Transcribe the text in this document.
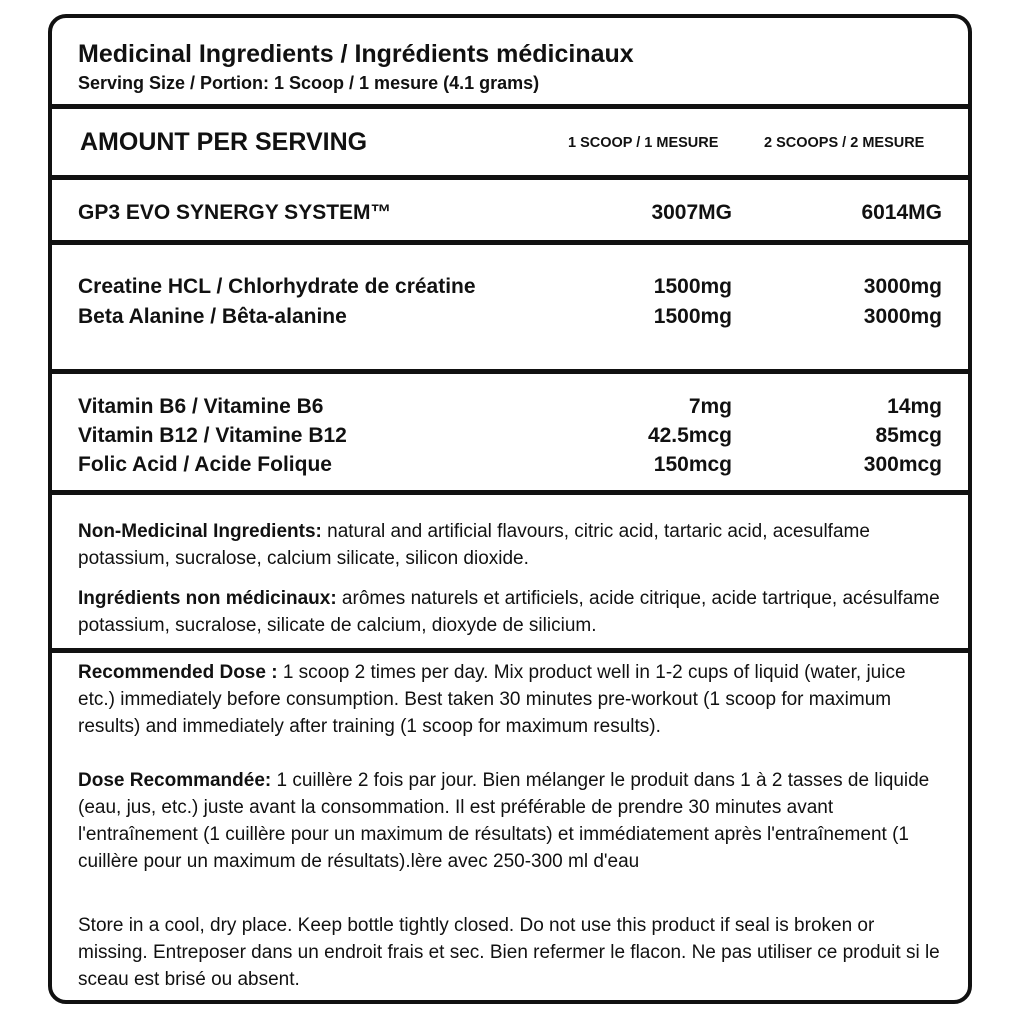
Medicinal Ingredients / Ingrédients médicinaux
Serving Size / Portion: 1 Scoop / 1 mesure (4.1 grams)
AMOUNT PER SERVING	1 SCOOP / 1 MESURE	2 SCOOPS / 2 MESURE
GP3 EVO SYNERGY SYSTEM™	3007MG	6014MG
Creatine HCL / Chlorhydrate de créatine	1500mg	3000mg
Beta Alanine / Bêta-alanine	1500mg	3000mg
Vitamin B6 / Vitamine B6	7mg	14mg
Vitamin B12 / Vitamine B12	42.5mcg	85mcg
Folic Acid / Acide Folique	150mcg	300mcg
Non-Medicinal Ingredients: natural and artificial flavours, citric acid, tartaric acid, acesulfame potassium, sucralose, calcium silicate, silicon dioxide.
Ingrédients non médicinaux: arômes naturels et artificiels, acide citrique, acide tartrique, acésulfame potassium, sucralose, silicate de calcium, dioxyde de silicium.
Recommended Dose : 1 scoop 2 times per day. Mix product well in 1-2 cups of liquid (water, juice etc.) immediately before consumption. Best taken 30 minutes pre-workout (1 scoop for maximum results) and immediately after training (1 scoop for maximum results).
Dose Recommandée: 1 cuillère 2 fois par jour. Bien mélanger le produit dans 1 à 2 tasses de liquide (eau, jus, etc.) juste avant la consommation. Il est préférable de prendre 30 minutes avant l'entraînement (1 cuillère pour un maximum de résultats) et immédiatement après l'entraînement (1 cuillère pour un maximum de résultats).lère avec 250-300 ml d'eau
Store in a cool, dry place. Keep bottle tightly closed. Do not use this product if seal is broken or missing. Entreposer dans un endroit frais et sec. Bien refermer le flacon. Ne pas utiliser ce produit si le sceau est brisé ou absent.
